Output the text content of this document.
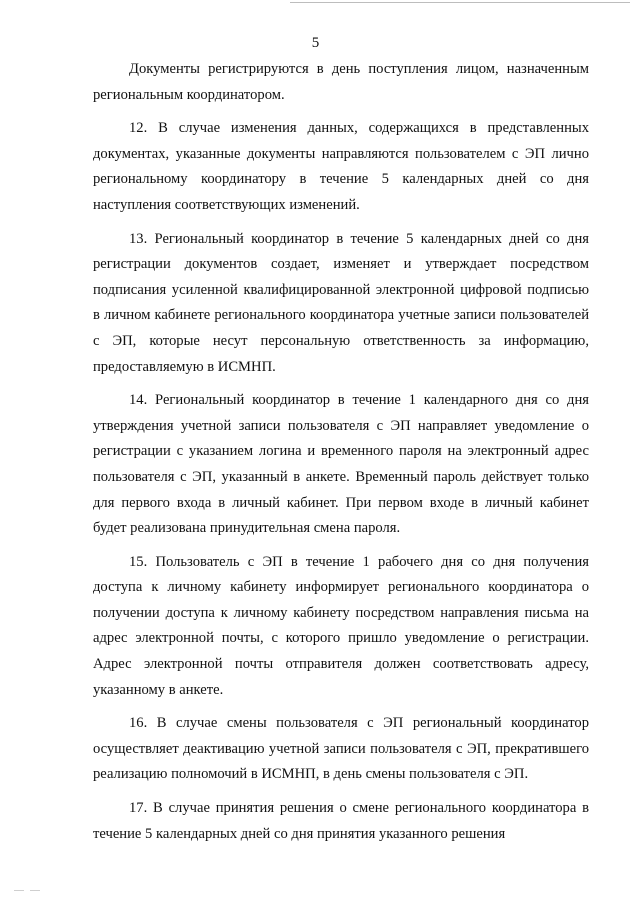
5

Документы регистрируются в день поступления лицом, назначенным региональным координатором.

12. В случае изменения данных, содержащихся в представленных документах, указанные документы направляются пользователем с ЭП лично региональному координатору в течение 5 календарных дней со дня наступления соответствующих изменений.

13. Региональный координатор в течение 5 календарных дней со дня регистрации документов создает, изменяет и утверждает посредством подписания усиленной квалифицированной электронной цифровой подписью в личном кабинете регионального координатора учетные записи пользователей с ЭП, которые несут персональную ответственность за информацию, предоставляемую в ИСМНП.

14. Региональный координатор в течение 1 календарного дня со дня утверждения учетной записи пользователя с ЭП направляет уведомление о регистрации с указанием логина и временного пароля на электронный адрес пользователя с ЭП, указанный в анкете. Временный пароль действует только для первого входа в личный кабинет. При первом входе в личный кабинет будет реализована принудительная смена пароля.

15. Пользователь с ЭП в течение 1 рабочего дня со дня получения доступа к личному кабинету информирует регионального координатора о получении доступа к личному кабинету посредством направления письма на адрес электронной почты, с которого пришло уведомление о регистрации. Адрес электронной почты отправителя должен соответствовать адресу, указанному в анкете.

16. В случае смены пользователя с ЭП региональный координатор осуществляет деактивацию учетной записи пользователя с ЭП, прекратившего реализацию полномочий в ИСМНП, в день смены пользователя с ЭП.

17. В случае принятия решения о смене регионального координатора в течение 5 календарных дней со дня принятия указанного решения
